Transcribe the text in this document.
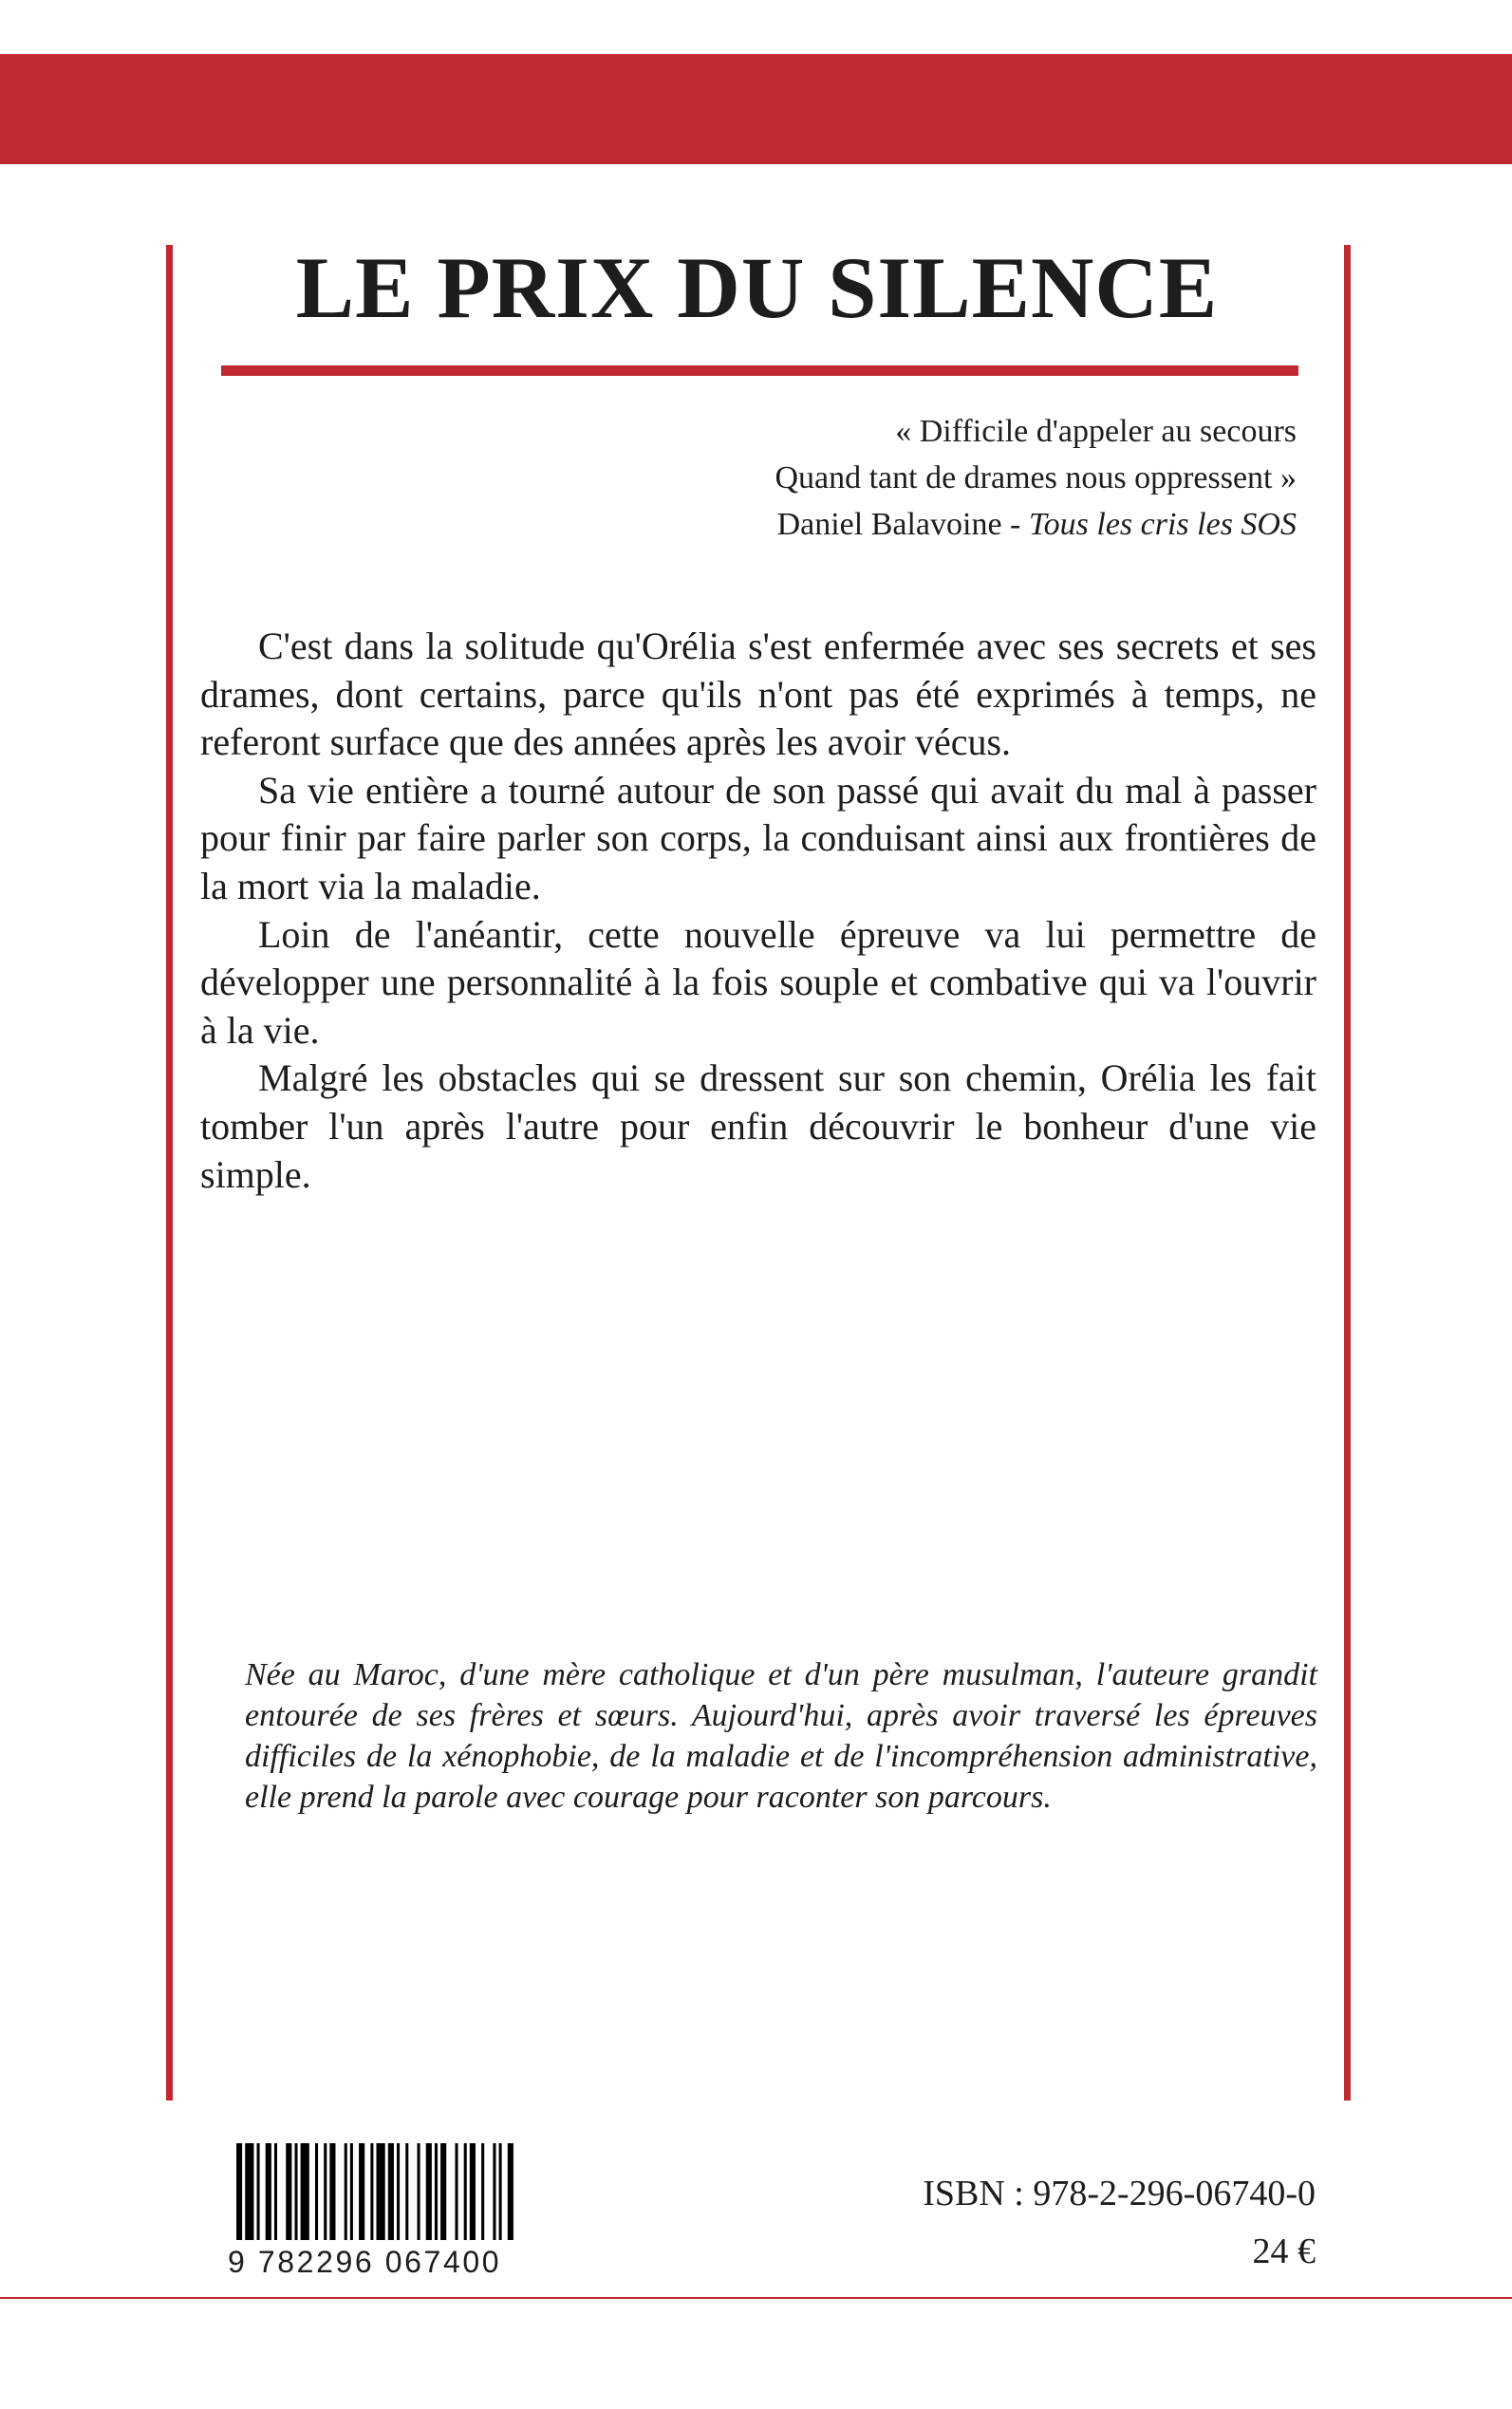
LE PRIX DU SILENCE
« Difficile d'appeler au secours
Quand tant de drames nous oppressent »
Daniel Balavoine - Tous les cris les SOS

C'est dans la solitude qu'Orélia s'est enfermée avec ses secrets et ses drames, dont certains, parce qu'ils n'ont pas été exprimés à temps, ne referont surface que des années après les avoir vécus.

Sa vie entière a tourné autour de son passé qui avait du mal à passer pour finir par faire parler son corps, la conduisant ainsi aux frontières de la mort via la maladie.

Loin de l'anéantir, cette nouvelle épreuve va lui permettre de développer une personnalité à la fois souple et combative qui va l'ouvrir à la vie.

Malgré les obstacles qui se dressent sur son chemin, Orélia les fait tomber l'un après l'autre pour enfin découvrir le bonheur d'une vie simple.

Née au Maroc, d'une mère catholique et d'un père musulman, l'auteure grandit entourée de ses frères et sœurs. Aujourd'hui, après avoir traversé les épreuves difficiles de la xénophobie, de la maladie et de l'incompréhension administrative, elle prend la parole avec courage pour raconter son parcours.

9 782296 067400

ISBN : 978-2-296-06740-0

24 €
